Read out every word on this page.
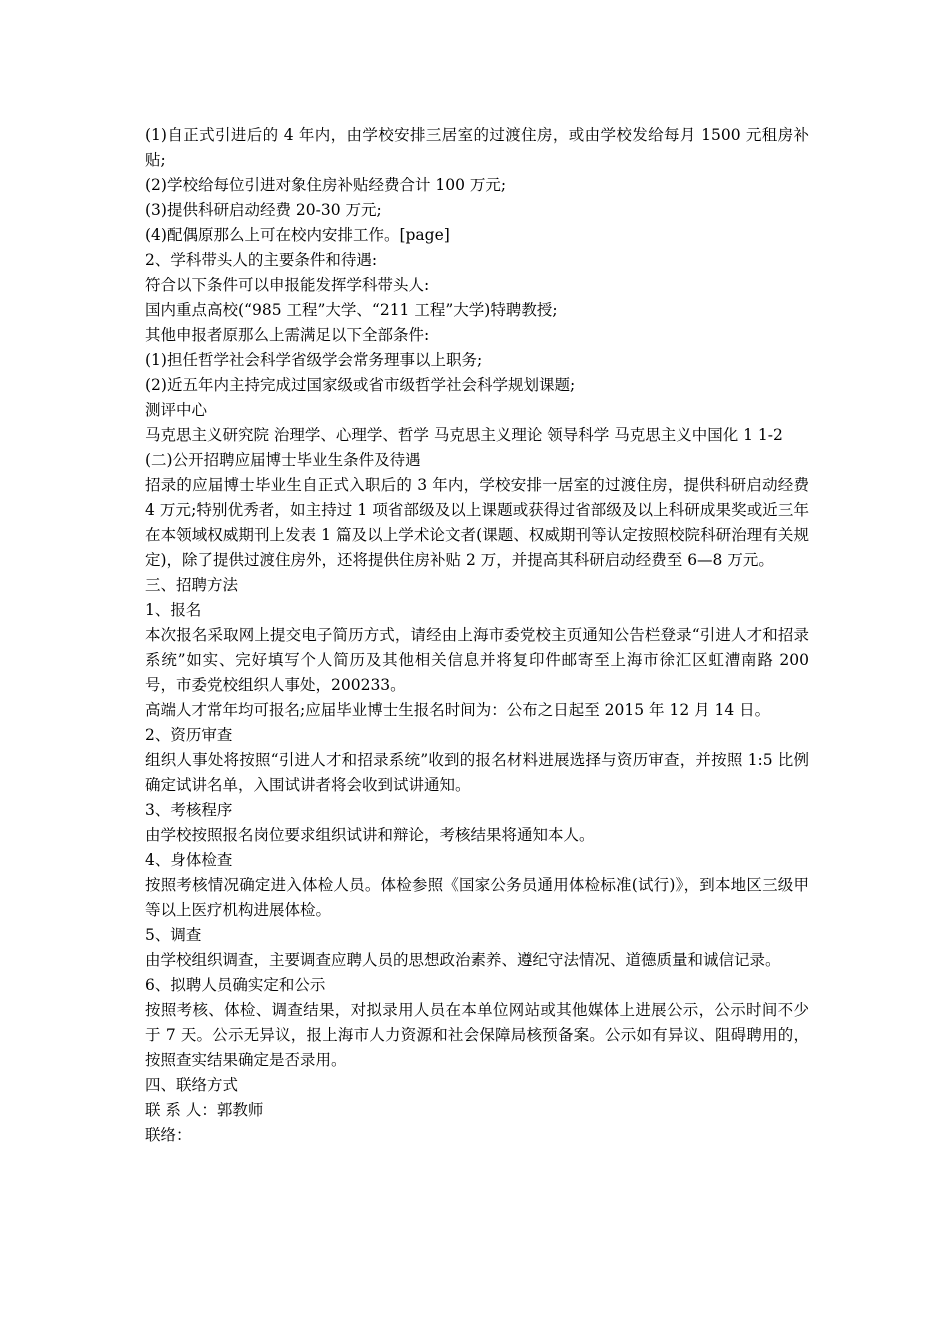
(1)自正式引进后的 4 年内，由学校安排三居室的过渡住房，或由学校发给每月 1500 元租房补贴;

(2)学校给每位引进对象住房补贴经费合计 100 万元;

(3)提供科研启动经费 20-30 万元;

(4)配偶原那么上可在校内安排工作。[page]

2、学科带头人的主要条件和待遇:

符合以下条件可以申报能发挥学科带头人:

国内重点高校(“985 工程”大学、“211 工程”大学)特聘教授;

其他申报者原那么上需满足以下全部条件:

(1)担任哲学社会科学省级学会常务理事以上职务;

(2)近五年内主持完成过国家级或省市级哲学社会科学规划课题;

测评中心

马克思主义研究院 治理学、心理学、哲学 马克思主义理论 领导科学 马克思主义中国化 1 1-2

(二)公开招聘应届博士毕业生条件及待遇

招录的应届博士毕业生自正式入职后的 3 年内，学校安排一居室的过渡住房，提供科研启动经费 4 万元;特别优秀者，如主持过 1 项省部级及以上课题或获得过省部级及以上科研成果奖或近三年在本领域权威期刊上发表 1 篇及以上学术论文者(课题、权威期刊等认定按照校院科研治理有关规定)，除了提供过渡住房外，还将提供住房补贴 2 万，并提高其科研启动经费至 6—8 万元。

三、招聘方法

1、报名

本次报名采取网上提交电子简历方式，请经由上海市委党校主页通知公告栏登录“引进人才和招录系统”如实、完好填写个人简历及其他相关信息并将复印件邮寄至上海市徐汇区虹漕南路 200 号，市委党校组织人事处，200233。

高端人才常年均可报名;应届毕业博士生报名时间为：公布之日起至 2015 年 12 月 14 日。

2、资历审查

组织人事处将按照“引进人才和招录系统”收到的报名材料进展选择与资历审查，并按照 1:5 比例确定试讲名单，入围试讲者将会收到试讲通知。

3、考核程序

由学校按照报名岗位要求组织试讲和辩论，考核结果将通知本人。

4、身体检查

按照考核情况确定进入体检人员。体检参照《国家公务员通用体检标准(试行)》，到本地区三级甲等以上医疗机构进展体检。

5、调查

由学校组织调查，主要调查应聘人员的思想政治素养、遵纪守法情况、道德质量和诚信记录。

6、拟聘人员确实定和公示

按照考核、体检、调查结果，对拟录用人员在本单位网站或其他媒体上进展公示，公示时间不少于 7 天。公示无异议，报上海市人力资源和社会保障局核预备案。公示如有异议、阻碍聘用的，按照查实结果确定是否录用。

四、联络方式

联 系 人：郭教师

联络：
